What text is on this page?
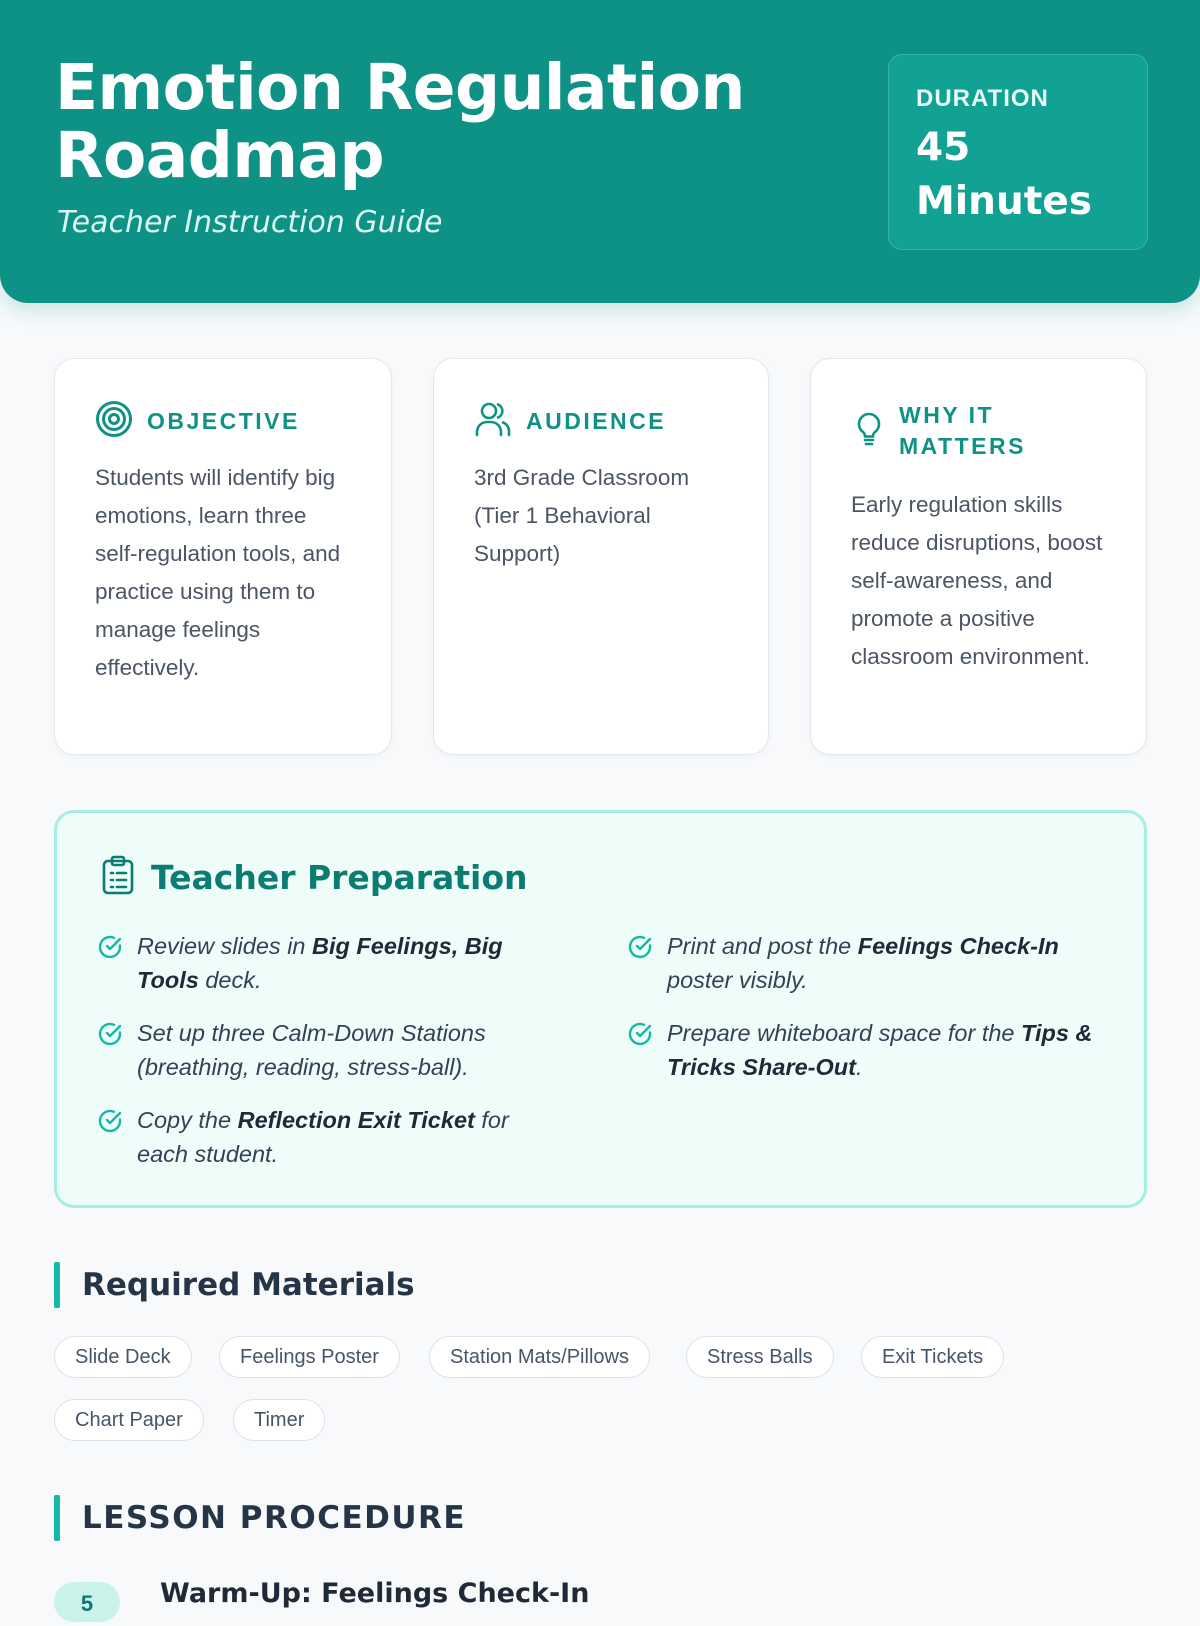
Emotion Regulation Roadmap
Teacher Instruction Guide
DURATION
45 Minutes
OBJECTIVE
Students will identify big emotions, learn three self-regulation tools, and practice using them to manage feelings effectively.
AUDIENCE
3rd Grade Classroom (Tier 1 Behavioral Support)
WHY IT MATTERS
Early regulation skills reduce disruptions, boost self-awareness, and promote a positive classroom environment.
Teacher Preparation
Review slides in Big Feelings, Big Tools deck.
Set up three Calm-Down Stations (breathing, reading, stress-ball).
Copy the Reflection Exit Ticket for each student.
Print and post the Feelings Check-In poster visibly.
Prepare whiteboard space for the Tips & Tricks Share-Out.
Required Materials
Slide Deck	Feelings Poster	Station Mats/Pillows	Stress Balls	Exit Tickets
Chart Paper	Timer
LESSON PROCEDURE
5	Warm-Up: Feelings Check-In
